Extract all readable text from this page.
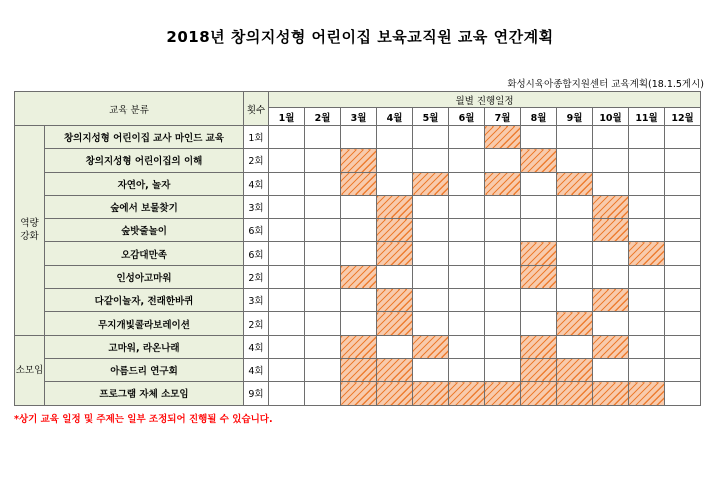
2018년 창의지성형 어린이집 보육교직원 교육 연간계획
화성시육아종합지원센터 교육계획(18.1.5게시)
교육 분류		횟수	월별 진행일정											
			1월	2월	3월	4월	5월	6월	7월	8월	9월	10월	11월	12월

역량
강화	창의지성형 어린이집 교사 마인드 교육	1회												
	창의지성형 어린이집의 이해	2회												
	자연아, 놀자	4회												
	숲에서 보물찾기	3회												
	숲밧줄놀이	6회												
	오감대만족	6회												
	인성아고마워	2회												
	다같이놀자, 전래한바퀴	3회												
	무지개빛콜라보레이션	2회												

소모임	고마워, 라온나래	4회												
	아름드리 연구회	4회												
	프로그램 자체 소모임	9회												
*상기 교육 일정 및 주제는 일부 조정되어 진행될 수 있습니다.
